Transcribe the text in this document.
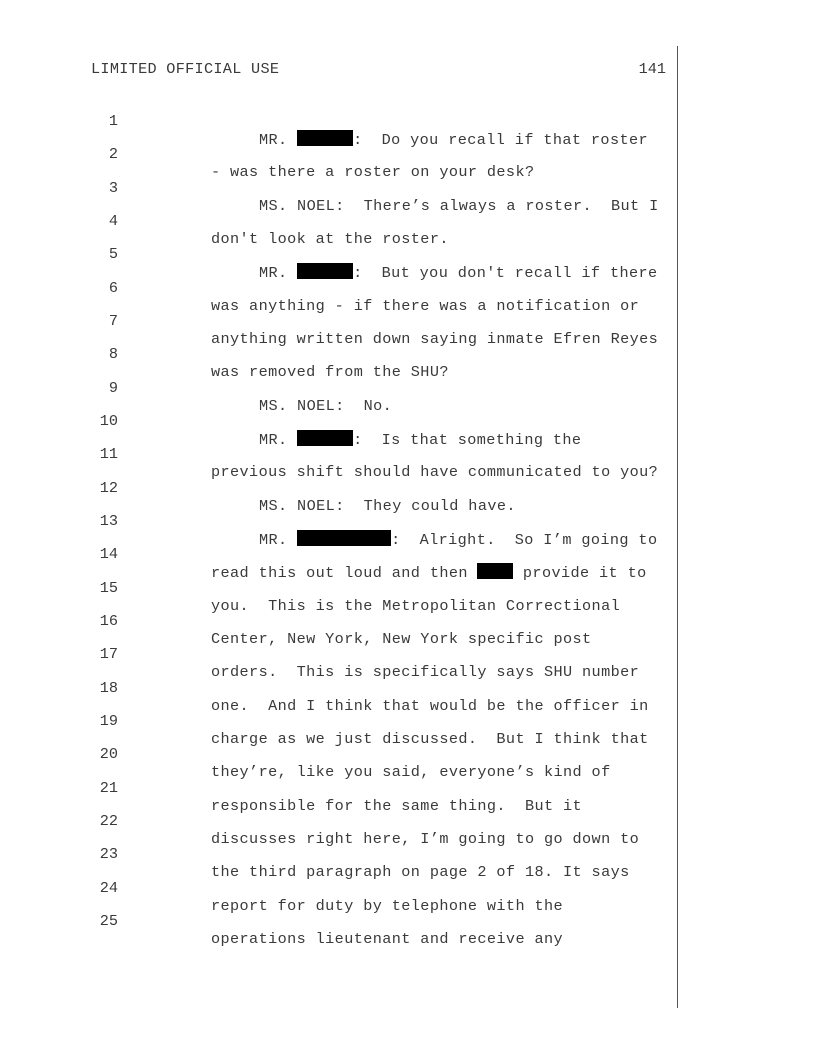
LIMITED OFFICIAL USE	141

1

MR.	:  Do you recall if that roster

2

- was there a roster on your desk?

3

MS. NOEL:  There’s always a roster.  But I

4

don't look at the roster.

5

MR.	:  But you don't recall if there

6

was anything - if there was a notification or

7

anything written down saying inmate Efren Reyes

8

was removed from the SHU?

9

MS. NOEL:  No.

10

MR.	:  Is that something the

11

previous shift should have communicated to you?

12

MS. NOEL:  They could have.

13

MR.	:  Alright.  So I’m going to

14

read this out loud and then  provide it to

15

you.  This is the Metropolitan Correctional

16

Center, New York, New York specific post

17

orders.  This is specifically says SHU number

18

one.  And I think that would be the officer in

19

charge as we just discussed.  But I think that

20

they’re, like you said, everyone’s kind of

21

responsible for the same thing.  But it

22

discusses right here, I’m going to go down to

23

the third paragraph on page 2 of 18. It says

24

report for duty by telephone with the

25

operations lieutenant and receive any
